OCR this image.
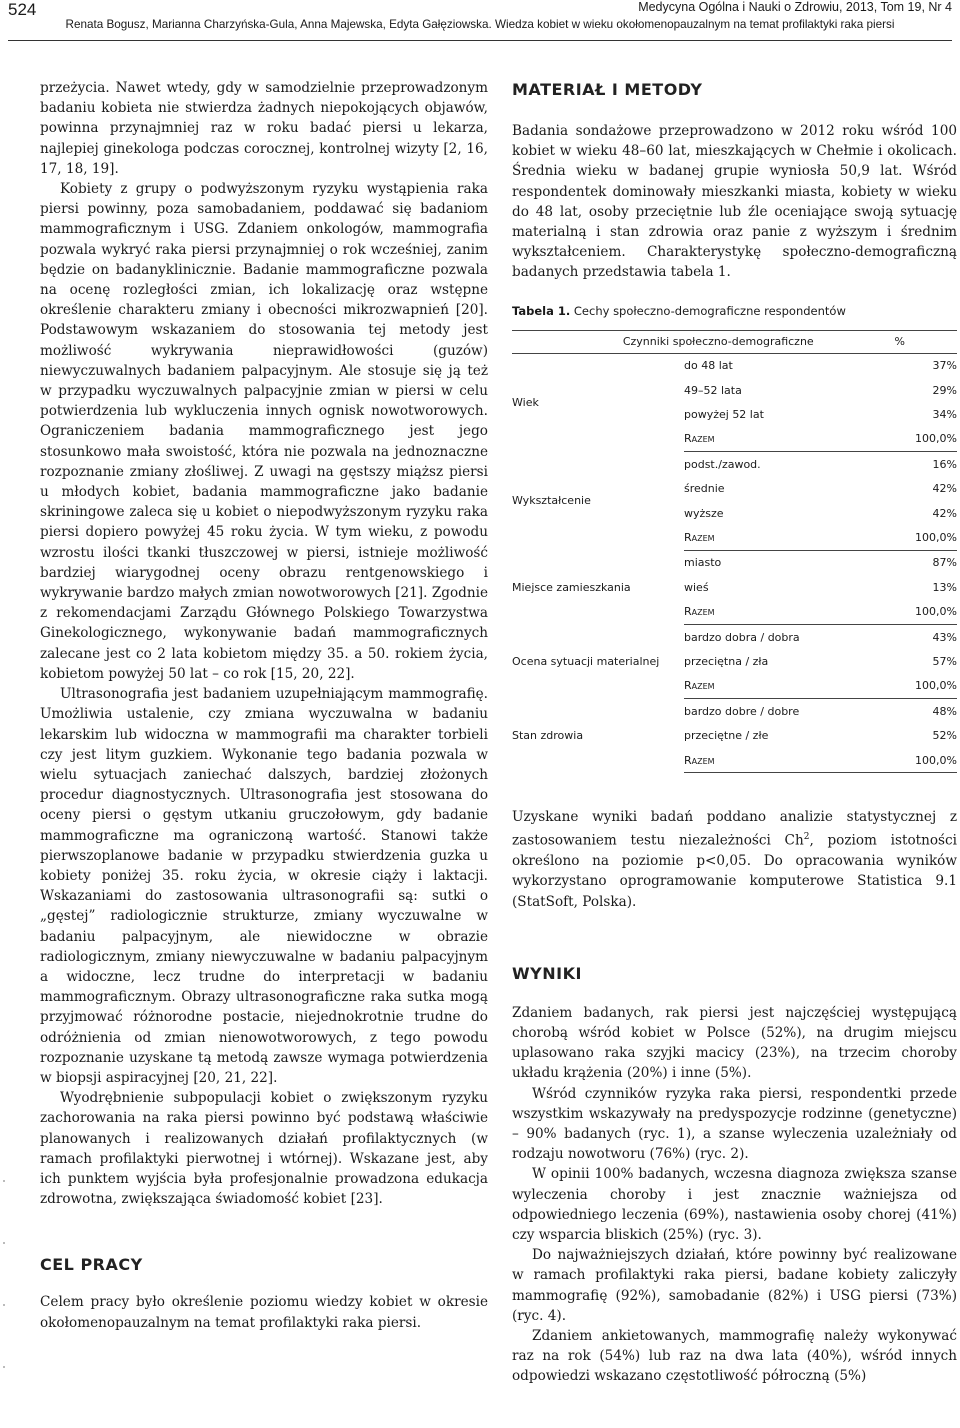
524	Medycyna Ogólna i Nauki o Zdrowiu, 2013, Tom 19, Nr 4
Renata Bogusz, Marianna Charzyńska-Gula, Anna Majewska, Edyta Gałęziowska. Wiedza kobiet w wieku okołomenopauzalnym na temat profilaktyki raka piersi

przeżycia. Nawet wtedy, gdy w samodzielnie przeprowadzonym badaniu kobieta nie stwierdza żadnych niepokojących objawów, powinna przynajmniej raz w roku badać piersi u lekarza, najlepiej ginekologa podczas corocznej, kontrolnej wizyty [2, 16, 17, 18, 19].

Kobiety z grupy o podwyższonym ryzyku wystąpienia raka piersi powinny, poza samobadaniem, poddawać się badaniom mammograficznym i USG. Zdaniem onkologów, mammografia pozwala wykryć raka piersi przynajmniej o rok wcześniej, zanim będzie on badanyklinicznie. Badanie mammograficzne pozwala na ocenę rozległości zmian, ich lokalizację oraz wstępne określenie charakteru zmiany i obecności mikrozwapnień [20]. Podstawowym wskazaniem do stosowania tej metody jest możliwość wykrywania nieprawidłowości (guzów) niewyczuwalnych badaniem palpacyjnym. Ale stosuje się ją też w przypadku wyczuwalnych palpacyjnie zmian w piersi w celu potwierdzenia lub wykluczenia innych ognisk nowotworowych. Ograniczeniem badania mammograficznego jest jego stosunkowo mała swoistość, która nie pozwala na jednoznaczne rozpoznanie zmiany złośliwej. Z uwagi na gęstszy miąższ piersi u młodych kobiet, badania mammograficzne jako badanie skriningowe zaleca się u kobiet o niepodwyższonym ryzyku raka piersi dopiero powyżej 45 roku życia. W tym wieku, z powodu wzrostu ilości tkanki tłuszczowej w piersi, istnieje możliwość bardziej wiarygodnej oceny obrazu rentgenowskiego i wykrywanie bardzo małych zmian nowotworowych [21]. Zgodnie z rekomendacjami Zarządu Głównego Polskiego Towarzystwa Ginekologicznego, wykonywanie badań mammograficznych zalecane jest co 2 lata kobietom między 35. a 50. rokiem życia, kobietom powyżej 50 lat – co rok [15, 20, 22].

Ultrasonografia jest badaniem uzupełniającym mammografię. Umożliwia ustalenie, czy zmiana wyczuwalna w badaniu lekarskim lub widoczna w mammografii ma charakter torbieli czy jest litym guzkiem. Wykonanie tego badania pozwala w wielu sytuacjach zaniechać dalszych, bardziej złożonych procedur diagnostycznych. Ultrasonografia jest stosowana do oceny piersi o gęstym utkaniu gruczołowym, gdy badanie mammograficzne ma ograniczoną wartość. Stanowi także pierwszoplanowe badanie w przypadku stwierdzenia guzka u kobiety poniżej 35. roku życia, w okresie ciąży i laktacji. Wskazaniami do zastosowania ultrasonografii są: sutki o „gęstej” radiologicznie strukturze, zmiany wyczuwalne w badaniu palpacyjnym, ale niewidoczne w obrazie radiologicznym, zmiany niewyczuwalne w badaniu palpacyjnym a widoczne, lecz trudne do interpretacji w badaniu mammograficznym. Obrazy ultrasonograficzne raka sutka mogą przyjmować różnorodne postacie, niejednokrotnie trudne do odróżnienia od zmian nienowotworowych, z tego powodu rozpoznanie uzyskane tą metodą zawsze wymaga potwierdzenia w biopsji aspiracyjnej [20, 21, 22].

Wyodrębnienie subpopulacji kobiet o zwiększonym ryzyku zachorowania na raka piersi powinno być podstawą właściwie planowanych i realizowanych działań profilaktycznych (w ramach profilaktyki pierwotnej i wtórnej). Wskazane jest, aby ich punktem wyjścia była profesjonalnie prowadzona edukacja zdrowotna, zwiększająca świadomość kobiet [23].

CEL PRACY

Celem pracy było określenie poziomu wiedzy kobiet w okresie okołomenopauzalnym na temat profilaktyki raka piersi.

MATERIAŁ I METODY

Badania sondażowe przeprowadzono w 2012 roku wśród 100 kobiet w wieku 48–60 lat, mieszkających w Chełmie i okolicach. Średnia wieku w badanej grupie wyniosła 50,9 lat. Wśród respondentek dominowały mieszkanki miasta, kobiety w wieku do 48 lat, osoby przeciętnie lub źle oceniające swoją sytuację materialną i stan zdrowia oraz panie z wyższym i średnim wykształceniem. Charakterystykę społeczno-demograficzną badanych przedstawia tabela 1.

Tabela 1. Cechy społeczno-demograficzne respondentów

Czynniki społeczno-demograficzne		%
Wiek	do 48 lat	37%
	49–52 lata	29%
	powyżej 52 lat	34%
	Razem	100,0%
Wykształcenie	podst./zawod.	16%
	średnie	42%
	wyższe	42%
	Razem	100,0%
Miejsce zamieszkania	miasto	87%
	wieś	13%
	Razem	100,0%
Ocena sytuacji materialnej	bardzo dobra / dobra	43%
	przeciętna / zła	57%
	Razem	100,0%
Stan zdrowia	bardzo dobre / dobre	48%
	przeciętne / złe	52%
	Razem	100,0%

Uzyskane wyniki badań poddano analizie statystycznej z zastosowaniem testu niezależności Ch$^2$, poziom istotności określono na poziomie p<0,05. Do opracowania wyników wykorzystano oprogramowanie komputerowe Statistica 9.1 (StatSoft, Polska).

WYNIKI

Zdaniem badanych, rak piersi jest najczęściej występującą chorobą wśród kobiet w Polsce (52%), na drugim miejscu uplasowano raka szyjki macicy (23%), na trzecim choroby układu krążenia (20%) i inne (5%).

Wśród czynników ryzyka raka piersi, respondentki przede wszystkim wskazywały na predyspozycje rodzinne (genetyczne) – 90% badanych (ryc. 1), a szanse wyleczenia uzależniały od rodzaju nowotworu (76%) (ryc. 2).

W opinii 100% badanych, wczesna diagnoza zwiększa szanse wyleczenia choroby i jest znacznie ważniejsza od odpowiedniego leczenia (69%), nastawienia osoby chorej (41%) czy wsparcia bliskich (25%) (ryc. 3).

Do najważniejszych działań, które powinny być realizowane w ramach profilaktyki raka piersi, badane kobiety zaliczyły mammografię (92%), samobadanie (82%) i USG piersi (73%) (ryc. 4).

Zdaniem ankietowanych, mammografię należy wykonywać raz na rok (54%) lub raz na dwa lata (40%), wśród innych odpowiedzi wskazano częstotliwość półroczną (5%)
